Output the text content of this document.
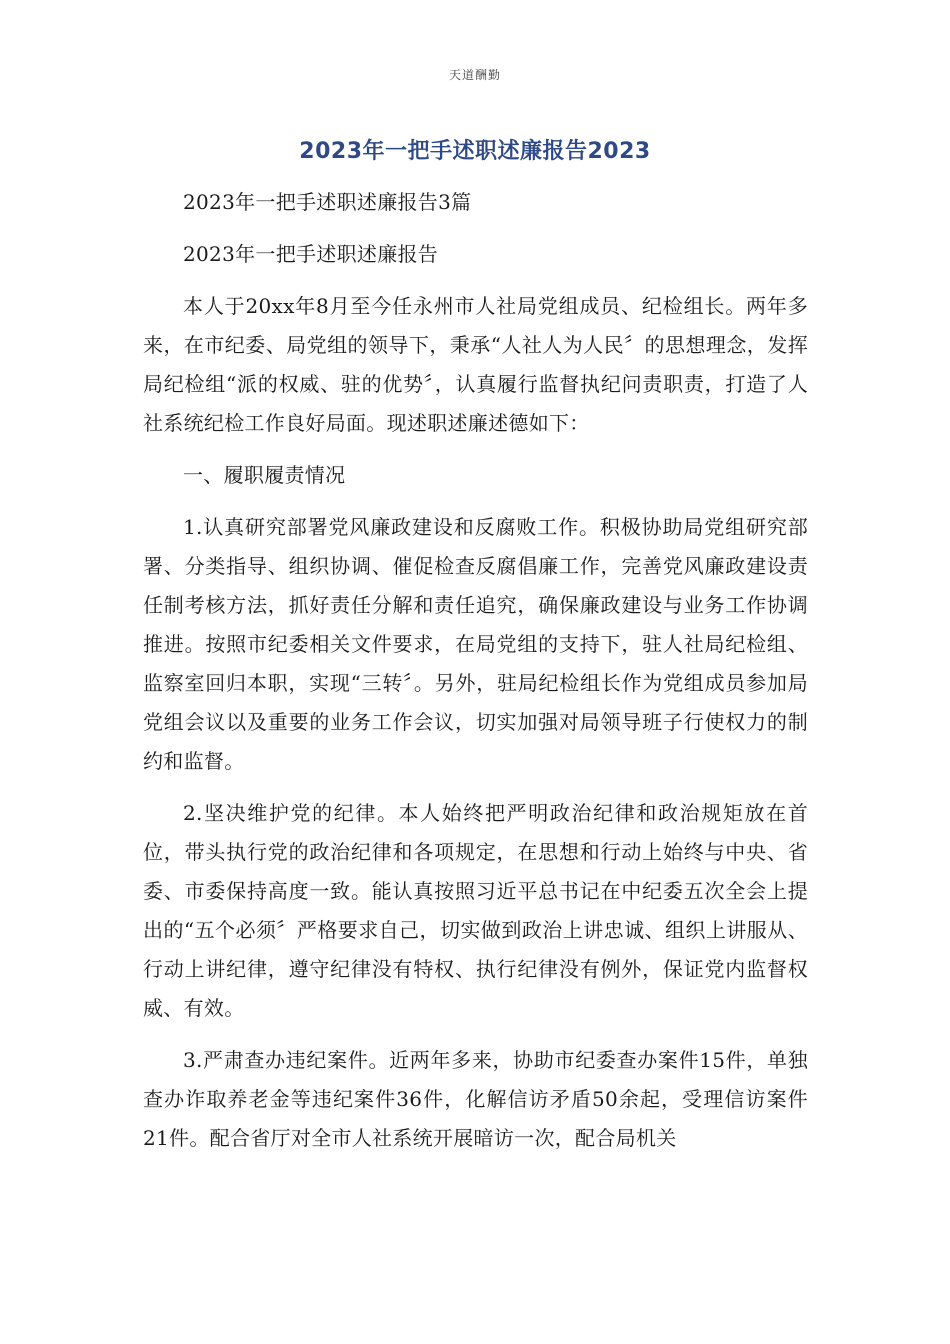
天道酬勤
2023年一把手述职述廉报告2023

2023年一把手述职述廉报告3篇

2023年一把手述职述廉报告

本人于20xx年8月至今任永州市人社局党组成员、纪检组长。两年多来，在市纪委、局党组的领导下，秉承“人社人为人民〞的思想理念，发挥局纪检组“派的权威、驻的优势〞，认真履行监督执纪问责职责，打造了人社系统纪检工作良好局面。现述职述廉述德如下：

一、履职履责情况

1.认真研究部署党风廉政建设和反腐败工作。积极协助局党组研究部署、分类指导、组织协调、催促检查反腐倡廉工作，完善党风廉政建设责任制考核方法，抓好责任分解和责任追究，确保廉政建设与业务工作协调推进。按照市纪委相关文件要求，在局党组的支持下，驻人社局纪检组、监察室回归本职，实现“三转〞。另外，驻局纪检组长作为党组成员参加局党组会议以及重要的业务工作会议，切实加强对局领导班子行使权力的制约和监督。

2.坚决维护党的纪律。本人始终把严明政治纪律和政治规矩放在首位，带头执行党的政治纪律和各项规定，在思想和行动上始终与中央、省委、市委保持高度一致。能认真按照习近平总书记在中纪委五次全会上提出的“五个必须〞严格要求自己，切实做到政治上讲忠诚、组织上讲服从、行动上讲纪律，遵守纪律没有特权、执行纪律没有例外，保证党内监督权威、有效。

3.严肃查办违纪案件。近两年多来，协助市纪委查办案件15件，单独查办诈取养老金等违纪案件36件，化解信访矛盾50余起，受理信访案件21件。配合省厅对全市人社系统开展暗访一次，配合局机关
